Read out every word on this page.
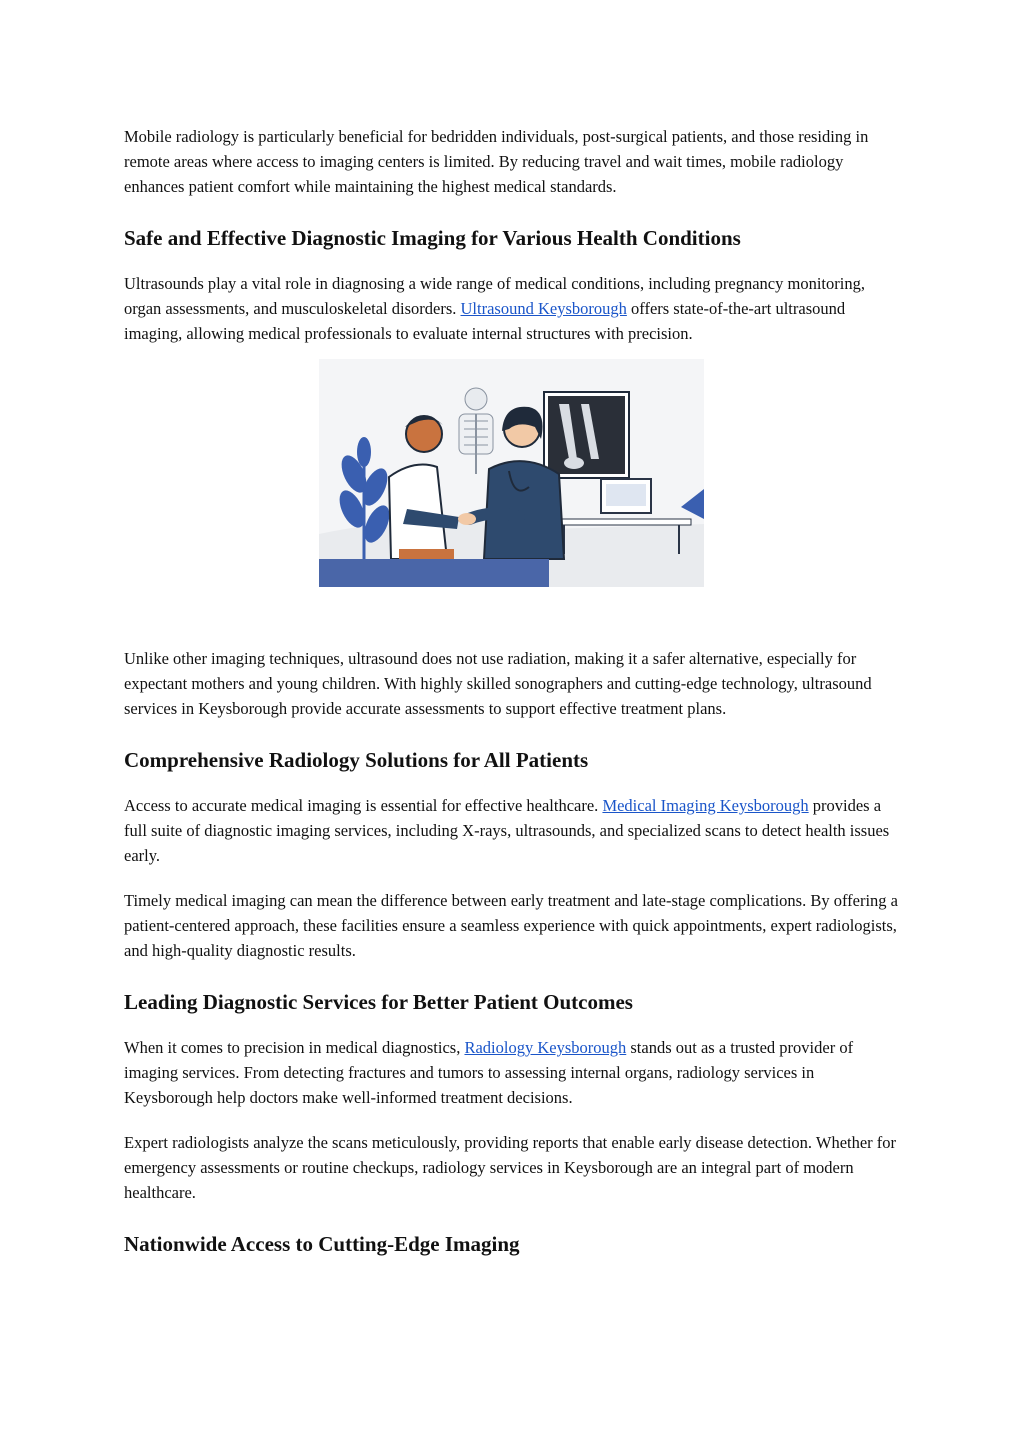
Mobile radiology is particularly beneficial for bedridden individuals, post-surgical patients, and those residing in remote areas where access to imaging centers is limited. By reducing travel and wait times, mobile radiology enhances patient comfort while maintaining the highest medical standards.

Safe and Effective Diagnostic Imaging for Various Health Conditions

Ultrasounds play a vital role in diagnosing a wide range of medical conditions, including pregnancy monitoring, organ assessments, and musculoskeletal disorders. Ultrasound Keysborough offers state-of-the-art ultrasound imaging, allowing medical professionals to evaluate internal structures with precision.

Unlike other imaging techniques, ultrasound does not use radiation, making it a safer alternative, especially for expectant mothers and young children. With highly skilled sonographers and cutting-edge technology, ultrasound services in Keysborough provide accurate assessments to support effective treatment plans.

Comprehensive Radiology Solutions for All Patients

Access to accurate medical imaging is essential for effective healthcare. Medical Imaging Keysborough provides a full suite of diagnostic imaging services, including X-rays, ultrasounds, and specialized scans to detect health issues early.

Timely medical imaging can mean the difference between early treatment and late-stage complications. By offering a patient-centered approach, these facilities ensure a seamless experience with quick appointments, expert radiologists, and high-quality diagnostic results.

Leading Diagnostic Services for Better Patient Outcomes

When it comes to precision in medical diagnostics, Radiology Keysborough stands out as a trusted provider of imaging services. From detecting fractures and tumors to assessing internal organs, radiology services in Keysborough help doctors make well-informed treatment decisions.

Expert radiologists analyze the scans meticulously, providing reports that enable early disease detection. Whether for emergency assessments or routine checkups, radiology services in Keysborough are an integral part of modern healthcare.

Nationwide Access to Cutting-Edge Imaging
